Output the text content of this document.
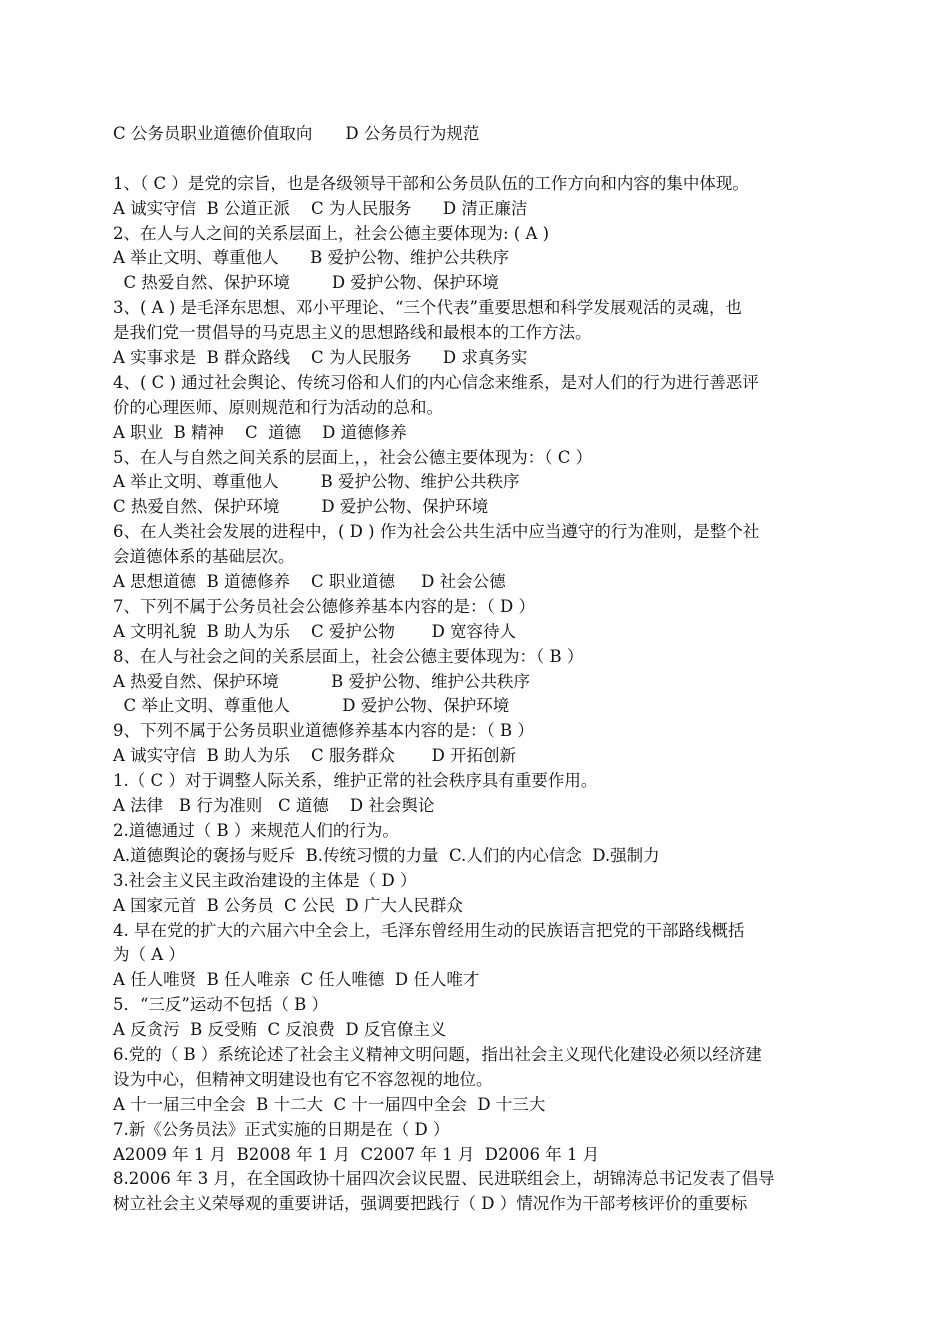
C 公务员职业道德价值取向　　D 公务员行为规范
1、（ C ）是党的宗旨，也是各级领导干部和公务员队伍的工作方向和内容的集中体现。
A 诚实守信  B 公道正派    C 为人民服务      D 清正廉洁
2、在人与人之间的关系层面上，社会公德主要体现为: ( A )
A 举止文明、尊重他人      B 爱护公物、维护公共秩序
C 热爱自然、保护环境        D 爱护公物、保护环境
3、( A ) 是毛泽东思想、邓小平理论、“三个代表”重要思想和科学发展观活的灵魂，也
是我们党一贯倡导的马克思主义的思想路线和最根本的工作方法。
A 实事求是  B 群众路线    C 为人民服务      D 求真务实
4、( C ) 通过社会舆论、传统习俗和人们的内心信念来维系，是对人们的行为进行善恶评
价的心理医师、原则规范和行为活动的总和。
A 职业  B 精神    C  道德    D 道德修养
5、在人与自然之间关系的层面上，，社会公德主要体现为：（ C ）
A 举止文明、尊重他人        B 爱护公物、维护公共秩序
C 热爱自然、保护环境        D 爱护公物、保护环境
6、在人类社会发展的进程中，( D ) 作为社会公共生活中应当遵守的行为准则，是整个社
会道德体系的基础层次。
A 思想道德  B 道德修养    C 职业道德     D 社会公德
7、下列不属于公务员社会公德修养基本内容的是：（ D ）
A 文明礼貌  B 助人为乐    C 爱护公物       D 宽容待人
8、在人与社会之间的关系层面上，社会公德主要体现为：（ B ）
A 热爱自然、保护环境          B 爱护公物、维护公共秩序
C 举止文明、尊重他人          D 爱护公物、保护环境
9、下列不属于公务员职业道德修养基本内容的是：（ B ）
A 诚实守信  B 助人为乐    C 服务群众       D 开拓创新
1.（ C ）对于调整人际关系，维护正常的社会秩序具有重要作用。
A 法律   B 行为准则   C 道德    D 社会舆论
2.道德通过（ B ）来规范人们的行为。
A.道德舆论的褒扬与贬斥  B.传统习惯的力量  C.人们的内心信念  D.强制力
3.社会主义民主政治建设的主体是（ D ）
A 国家元首  B 公务员  C 公民  D 广大人民群众
4. 早在党的扩大的六届六中全会上，毛泽东曾经用生动的民族语言把党的干部路线概括
为（ A ）
A 任人唯贤  B 任人唯亲  C 任人唯德  D 任人唯才
5．“三反”运动不包括（ B ）
A 反贪污  B 反受贿  C 反浪费  D 反官僚主义
6.党的（ B ）系统论述了社会主义精神文明问题，指出社会主义现代化建设必须以经济建
设为中心，但精神文明建设也有它不容忽视的地位。
A 十一届三中全会  B 十二大  C 十一届四中全会  D 十三大
7.新《公务员法》正式实施的日期是在（ D ）
A2009 年 1 月  B2008 年 1 月  C2007 年 1 月  D2006 年 1 月
8.2006 年 3 月，在全国政协十届四次会议民盟、民进联组会上，胡锦涛总书记发表了倡导
树立社会主义荣辱观的重要讲话，强调要把践行（ D ）情况作为干部考核评价的重要标
